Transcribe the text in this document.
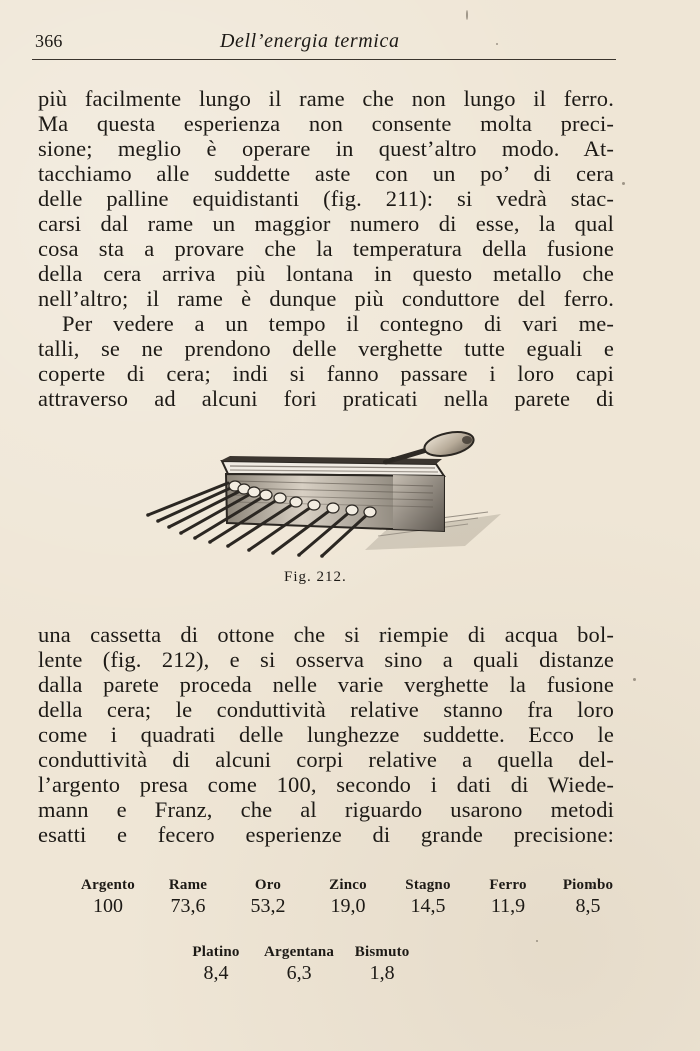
366	Dell’energia termica
più facilmente lungo il rame che non lungo il ferro.
Ma questa esperienza non consente molta preci-
sione; meglio è operare in quest’altro modo. At-
tacchiamo alle suddette aste con un po’ di cera
delle palline equidistanti (fig. 211): si vedrà stac-
carsi dal rame un maggior numero di esse, la qual
cosa sta a provare che la temperatura della fusione
della cera arriva più lontana in questo metallo che
nell’altro; il rame è dunque più conduttore del ferro.
Per vedere a un tempo il contegno di vari me-
talli, se ne prendono delle verghette tutte eguali e
coperte di cera; indi si fanno passare i loro capi
attraverso ad alcuni fori praticati nella parete di
Fig. 212.
una cassetta di ottone che si riempie di acqua bol-
lente (fig. 212), e si osserva sino a quali distanze
dalla parete proceda nelle varie verghette la fusione
della cera; le conduttività relative stanno fra loro
come i quadrati delle lunghezze suddette. Ecco le
conduttività di alcuni corpi relative a quella del-
l’argento presa come 100, secondo i dati di Wiede-
mann e Franz, che al riguardo usarono metodi
esatti e fecero esperienze di grande precisione:
Argento
100
Rame
73,6
Oro
53,2
Zinco
19,0
Stagno
14,5
Ferro
11,9
Piombo
8,5
Platino
8,4
Argentana
6,3
Bismuto
1,8
